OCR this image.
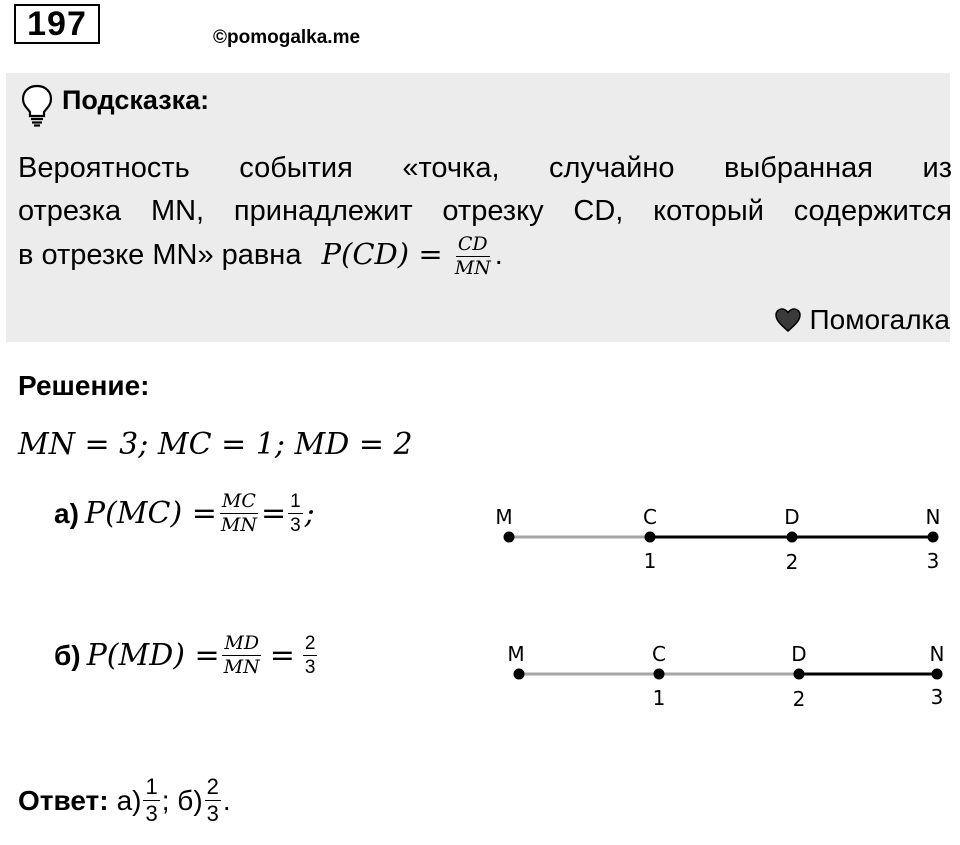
197	©pomogalka.me
Подсказка:
Вероятность события «точка, случайно выбранная из
отрезка MN, принадлежит отрезку CD, который содержится
в отрезке MN» равна $P(CD) = \frac{CD}{MN}$ .
Помогалка
Решение:
MN = 3; MC = 1; MD = 2
а) $P(MC) = \frac{MC}{MN} = \frac{1}{3}$ ;
б) $P(MD) = \frac{MD}{MN} = \frac{2}{3}$
M	C	D	N
1	2	3
M	C	D	N
1	2	3
Ответ: $а) \frac{1}{3}$ ; $б) \frac{2}{3}$ .
